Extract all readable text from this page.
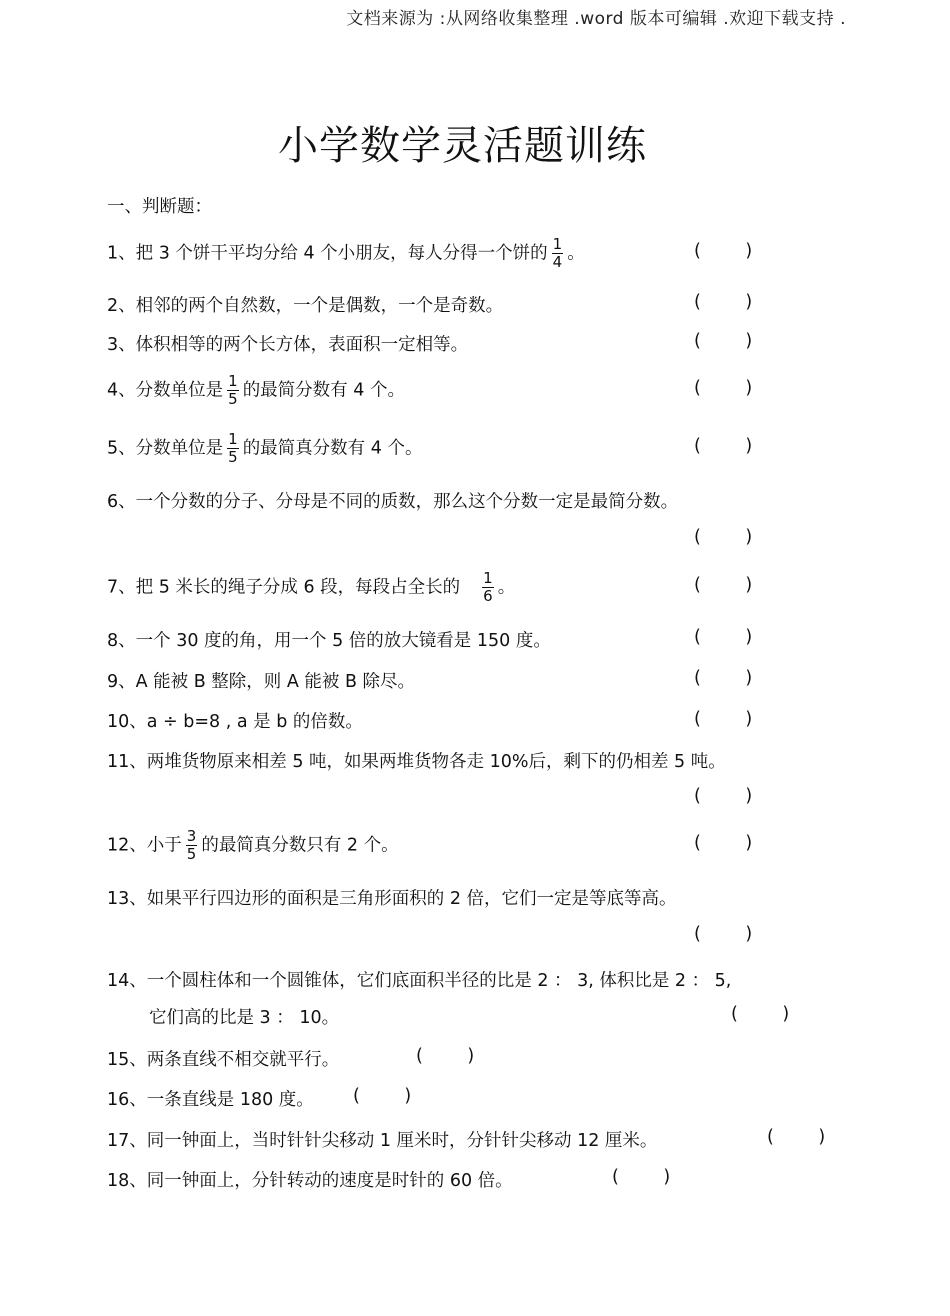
文档来源为 :从网络收集整理 .word 版本可编辑 .欢迎下载支持 .
小学数学灵活题训练
一、判断题：
1、把 3 个饼干平均分给 4 个小朋友，每人分得一个饼的 $\frac{1}{4}$ 。	(        )
2、相邻的两个自然数，一个是偶数，一个是奇数。	(        )
3、体积相等的两个长方体，表面积一定相等。	(        )
4、分数单位是 $\frac{1}{5}$ 的最简分数有 4 个。	(        )
5、分数单位是 $\frac{1}{5}$ 的最简真分数有 4 个。	(        )
6、一个分数的分子、分母是不同的质数，那么这个分数一定是最简分数。
(        )
7、把 5 米长的绳子分成 6 段，每段占全长的 $\frac{1}{6}$ 。	(        )
8、一个 30 度的角，用一个 5 倍的放大镜看是 150 度。	(        )
9、A 能被 B 整除，则 A 能被 B 除尽。	(        )
10、a ÷ b=8 , a 是 b 的倍数。	(        )
11、两堆货物原来相差 5 吨，如果两堆货物各走 10%后，剩下的仍相差 5 吨。
(        )
12、小于 $\frac{3}{5}$ 的最简真分数只有 2 个。	(        )
13、如果平行四边形的面积是三角形面积的 2 倍，它们一定是等底等高。
(        )
14、一个圆柱体和一个圆锥体，它们底面积半径的比是 2 ： 3, 体积比是 2 ： 5,
它们高的比是 3 ： 10。	(        )
15、两条直线不相交就平行。	(        )
16、一条直线是 180 度。 (        )
17、同一钟面上，当时针针尖移动 1 厘米时，分针针尖移动 12 厘米。	(        )
18、同一钟面上，分针转动的速度是时针的 60 倍。	(        )
